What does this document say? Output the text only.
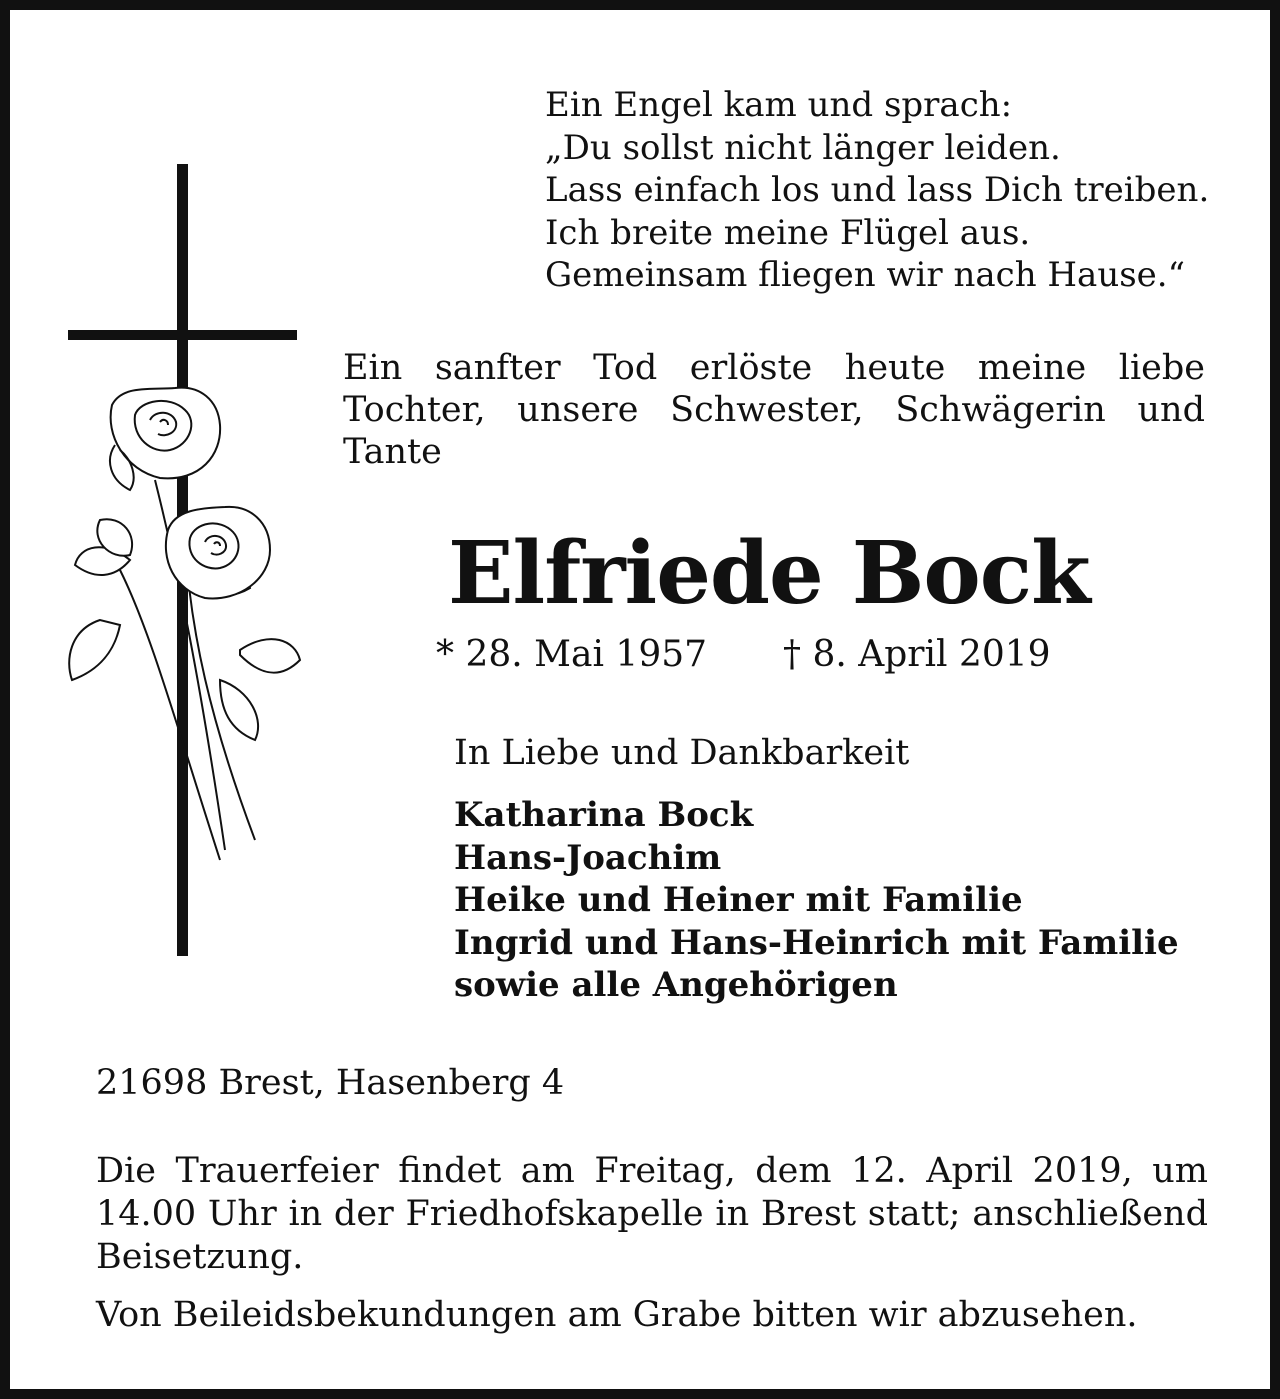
Ein Engel kam und sprach:
„Du sollst nicht länger leiden.
Lass einfach los und lass Dich treiben.
Ich breite meine Flügel aus.
Gemeinsam fliegen wir nach Hause.“
Ein sanfter Tod erlöste heute meine liebe Tochter, unsere Schwester, Schwägerin und Tante
Elfriede Bock
* 28. Mai 1957 † 8. April 2019
In Liebe und Dankbarkeit
Katharina Bock
Hans-Joachim
Heike und Heiner mit Familie
Ingrid und Hans-Heinrich mit Familie
sowie alle Angehörigen
21698 Brest, Hasenberg 4
Die Trauerfeier findet am Freitag, dem 12. April 2019, um 14.00 Uhr in der Friedhofskapelle in Brest statt; anschließend Beisetzung.
Von Beileidsbekundungen am Grabe bitten wir abzusehen.
